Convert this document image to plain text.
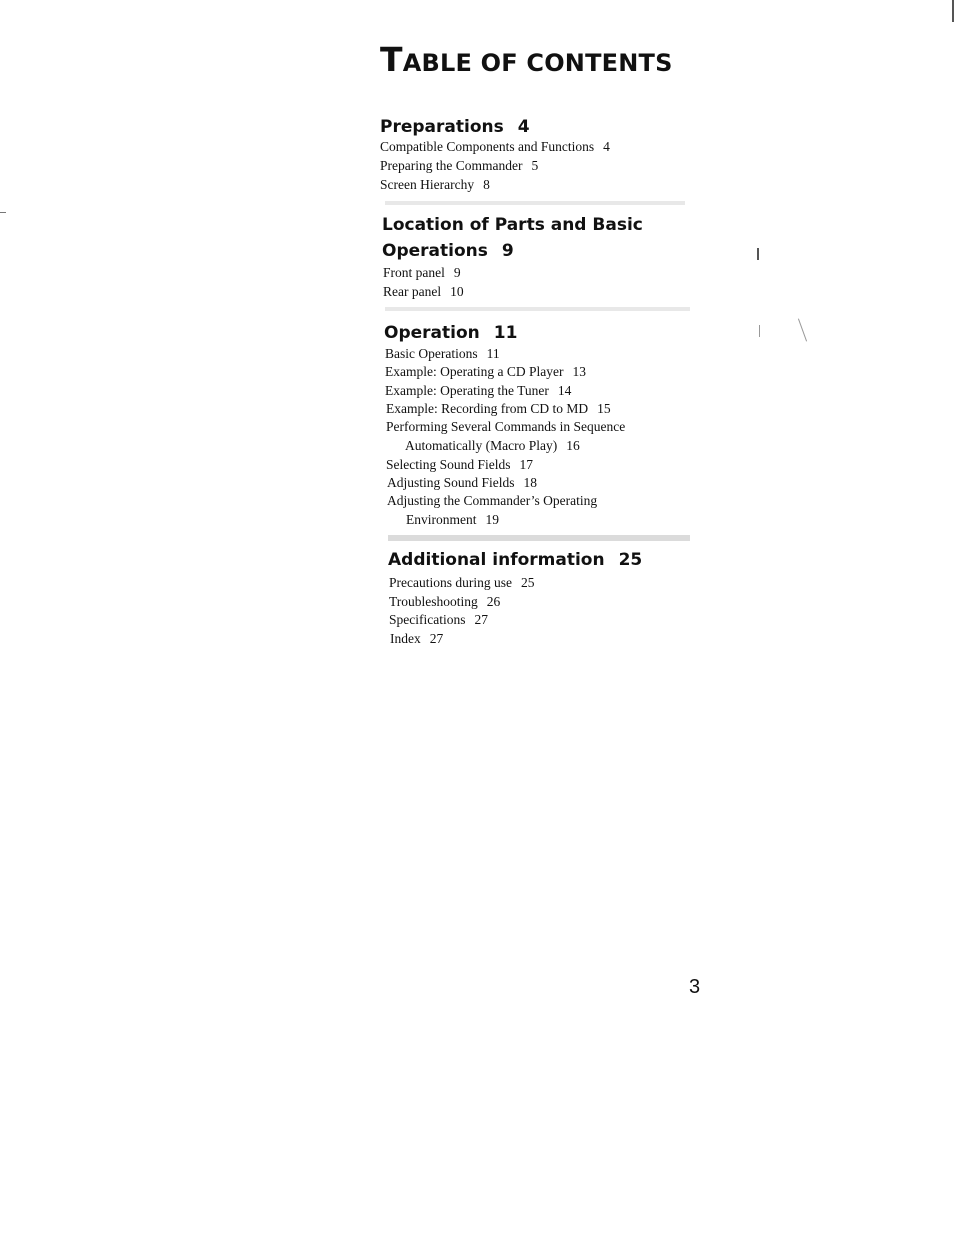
TABLE OF CONTENTS
Preparations 4
Compatible Components and Functions 4
Preparing the Commander 5
Screen Hierarchy 8
Location of Parts and Basic
Operations 9
Front panel 9
Rear panel 10
Operation 11
Basic Operations 11
Example: Operating a CD Player 13
Example: Operating the Tuner 14
Example: Recording from CD to MD 15
Performing Several Commands in Sequence
Automatically (Macro Play) 16
Selecting Sound Fields 17
Adjusting Sound Fields 18
Adjusting the Commander’s Operating
Environment 19
Additional information 25
Precautions during use 25
Troubleshooting 26
Specifications 27
Index 27
3
